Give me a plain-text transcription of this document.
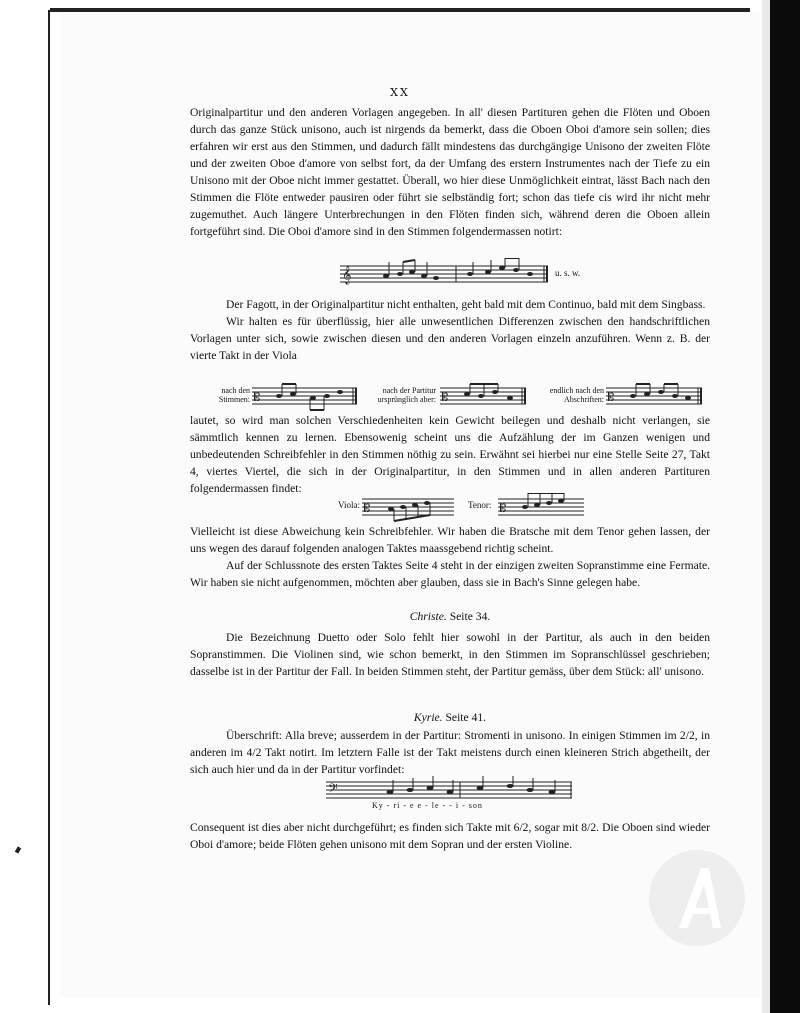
XX

Originalpartitur und den anderen Vorlagen angegeben. In all' diesen Partituren gehen die Flöten und Oboen durch das ganze Stück unisono, auch ist nirgends da bemerkt, dass die Oboen Oboi d'amore sein sollen; dies erfahren wir erst aus den Stimmen, und dadurch fällt mindestens das durchgängige Unisono der zweiten Flöte und der zweiten Oboe d'amore von selbst fort, da der Umfang des erstern Instrumentes nach der Tiefe zu ein Unisono mit der Oboe nicht immer gestattet. Überall, wo hier diese Unmöglichkeit eintrat, lässt Bach nach den Stimmen die Flöte entweder pausiren oder führt sie selbständig fort; schon das tiefe cis wird ihr nicht mehr zugemuthet. Auch längere Unterbrechungen in den Flöten finden sich, während deren die Oboen allein fortgeführt sind. Die Oboi d'amore sind in den Stimmen folgendermassen notirt:

𝄞	u. s. w.

Der Fagott, in der Originalpartitur nicht enthalten, geht bald mit dem Continuo, bald mit dem Singbass.

Wir halten es für überflüssig, hier alle unwesentlichen Differenzen zwischen den handschriftlichen Vorlagen unter sich, sowie zwischen diesen und den anderen Vorlagen einzeln anzuführen. Wenn z. B. der vierte Takt in der Viola

nach den Stimmen: 𝄡
nach der Partitur ursprünglich aber: 𝄡
endlich nach den Abschriften: 𝄡

lautet, so wird man solchen Verschiedenheiten kein Gewicht beilegen und deshalb nicht verlangen, sie sämmtlich kennen zu lernen. Ebensowenig scheint uns die Aufzählung der im Ganzen wenigen und unbedeutenden Schreibfehler in den Stimmen nöthig zu sein. Erwähnt sei hierbei nur eine Stelle Seite 27, Takt 4, viertes Viertel, die sich in der Originalpartitur, in den Stimmen und in allen anderen Partituren folgendermassen findet:

Viola: 𝄡	Tenor: 𝄡

Vielleicht ist diese Abweichung kein Schreibfehler. Wir haben die Bratsche mit dem Tenor gehen lassen, der uns wegen des darauf folgenden analogen Taktes maassgebend richtig scheint.

Auf der Schlussnote des ersten Taktes Seite 4 steht in der einzigen zweiten Sopranstimme eine Fermate. Wir haben sie nicht aufgenommen, möchten aber glauben, dass sie in Bach's Sinne gelegen habe.

Christe. Seite 34.

Die Bezeichnung Duetto oder Solo fehlt hier sowohl in der Partitur, als auch in den beiden Sopranstimmen. Die Violinen sind, wie schon bemerkt, in den Stimmen im Sopranschlüssel geschrieben; dasselbe ist in der Partitur der Fall. In beiden Stimmen steht, der Partitur gemäss, über dem Stück: all' unisono.

Kyrie. Seite 41.

Überschrift: Alla breve; ausserdem in der Partitur: Stromenti in unisono. In einigen Stimmen im 2/2, in anderen im 4/2 Takt notirt. Im letztern Falle ist der Takt meistens durch einen kleineren Strich abgetheilt, der sich auch hier und da in der Partitur vorfindet:

𝄢
Ky - ri - e e - le - - i - son

Consequent ist dies aber nicht durchgeführt; es finden sich Takte mit 6/2, sogar mit 8/2. Die Oboen sind wieder Oboi d'amore; beide Flöten gehen unisono mit dem Sopran und der ersten Violine.
